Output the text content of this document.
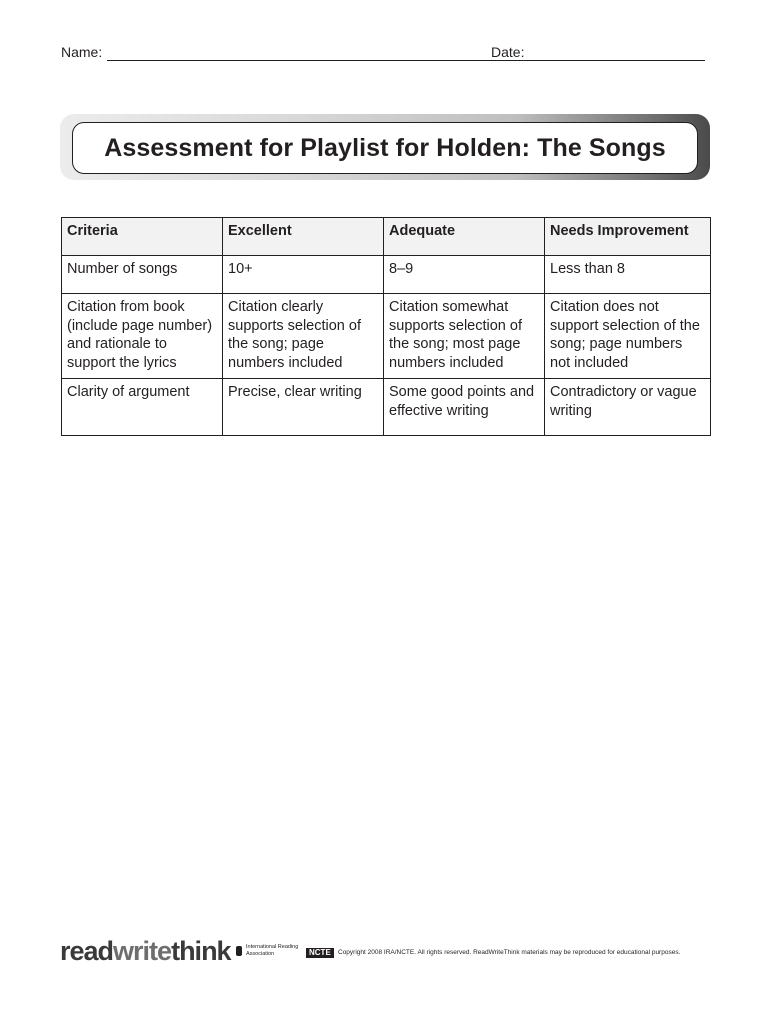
Name:	Date:
Assessment for Playlist for Holden: The Songs
Criteria	Excellent	Adequate	Needs Improvement
Number of songs	10+	8–9	Less than 8
Citation from book (include page number) and rationale to support the lyrics	Citation clearly supports selection of the song; page numbers included	Citation somewhat supports selection of the song; most page numbers included	Citation does not support selection of the song; page numbers not included
Clarity of argument	Precise, clear writing	Some good points and effective writing	Contradictory or vague writing
readwritethink	International Reading Association	NCTE	Copyright 2008 IRA/NCTE. All rights reserved. ReadWriteThink materials may be reproduced for educational purposes.
